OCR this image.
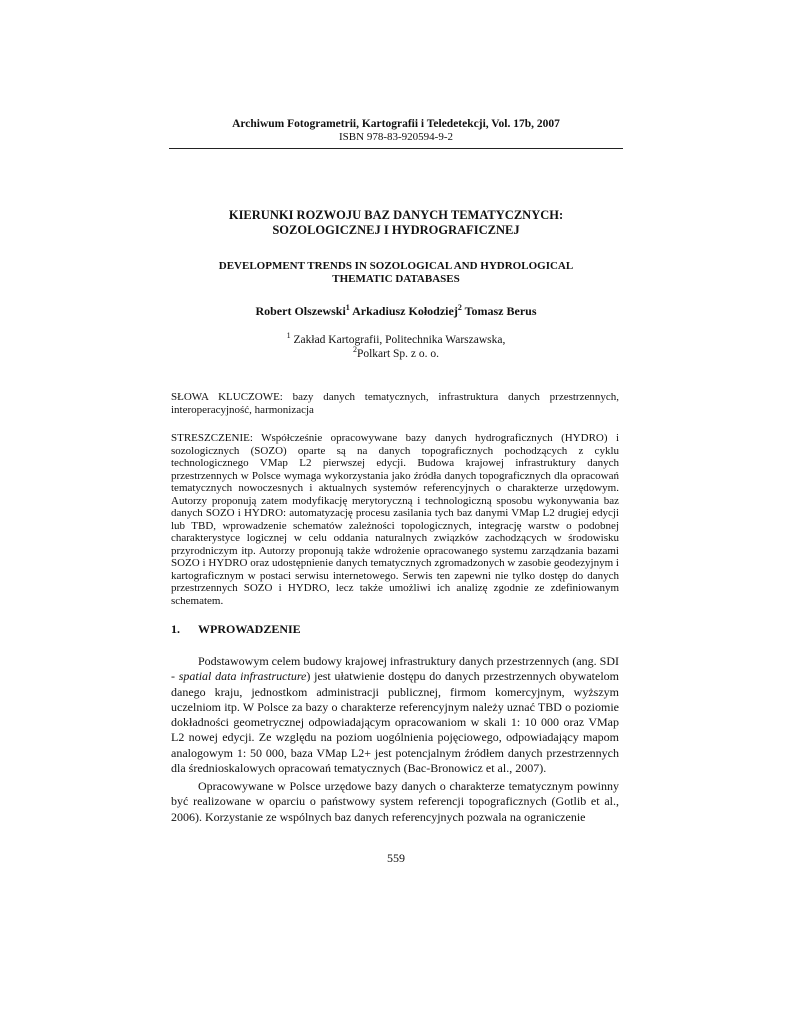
Archiwum Fotogrametrii, Kartografii i Teledetekcji, Vol. 17b, 2007
ISBN 978-83-920594-9-2
KIERUNKI ROZWOJU BAZ DANYCH TEMATYCZNYCH:
SOZOLOGICZNEJ I HYDROGRAFICZNEJ
DEVELOPMENT TRENDS IN SOZOLOGICAL AND HYDROLOGICAL
THEMATIC DATABASES
Robert Olszewski$^1$ Arkadiusz Kołodziej$^2$ Tomasz Berus
$^1$ Zakład Kartografii, Politechnika Warszawska,
$^2$Polkart Sp. z o. o.
SŁOWA KLUCZOWE: bazy danych tematycznych, infrastruktura danych przestrzennych, interoperacyjność, harmonizacja
STRESZCZENIE: Współcześnie opracowywane bazy danych hydrograficznych (HYDRO) i sozologicznych (SOZO) oparte są na danych topograficznych pochodzących z cyklu technologicznego VMap L2 pierwszej edycji. Budowa krajowej infrastruktury danych przestrzennych w Polsce wymaga wykorzystania jako źródła danych topograficznych dla opracowań tematycznych nowoczesnych i aktualnych systemów referencyjnych o charakterze urzędowym. Autorzy proponują zatem modyfikację merytoryczną i technologiczną sposobu wykonywania baz danych SOZO i HYDRO: automatyzację procesu zasilania tych baz danymi VMap L2 drugiej edycji lub TBD, wprowadzenie schematów zależności topologicznych, integrację warstw o podobnej charakterystyce logicznej w celu oddania naturalnych związków zachodzących w środowisku przyrodniczym itp. Autorzy proponują także wdrożenie opracowanego systemu zarządzania bazami SOZO i HYDRO oraz udostępnienie danych tematycznych zgromadzonych w zasobie geodezyjnym i kartograficznym w postaci serwisu internetowego. Serwis ten zapewni nie tylko dostęp do danych przestrzennych SOZO i HYDRO, lecz także umożliwi ich analizę zgodnie ze zdefiniowanym schematem.
1. WPROWADZENIE
Podstawowym celem budowy krajowej infrastruktury danych przestrzennych (ang. SDI - spatial data infrastructure) jest ułatwienie dostępu do danych przestrzennych obywatelom danego kraju, jednostkom administracji publicznej, firmom komercyjnym, wyższym uczelniom itp. W Polsce za bazy o charakterze referencyjnym należy uznać TBD o poziomie dokładności geometrycznej odpowiadającym opracowaniom w skali 1: 10 000 oraz VMap L2 nowej edycji. Ze względu na poziom uogólnienia pojęciowego, odpowiadający mapom analogowym 1: 50 000, baza VMap L2+ jest potencjalnym źródłem danych przestrzennych dla średnioskalowych opracowań tematycznych (Bac-Bronowicz et al., 2007).
Opracowywane w Polsce urzędowe bazy danych o charakterze tematycznym powinny być realizowane w oparciu o państwowy system referencji topograficznych (Gotlib et al., 2006). Korzystanie ze wspólnych baz danych referencyjnych pozwala na ograniczenie
559
